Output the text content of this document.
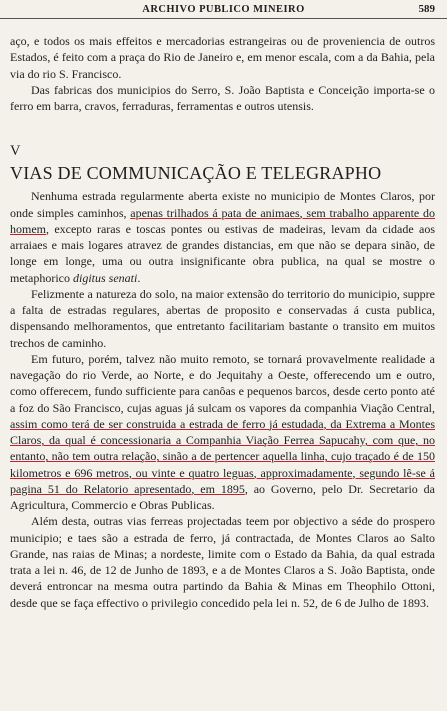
ARCHIVO PUBLICO MINEIRO	589

aço, e todos os mais effeitos e mercadorias estrangeiras ou de proveniencia de outros Estados, é feito com a praça do Rio de Janeiro e, em menor escala, com a da Bahia, pela via do rio S. Francisco.

Das fabricas dos municipios do Serro, S. João Baptista e Conceição importa-se o ferro em barra, cravos, ferraduras, ferramentas e outros utensis.

V

VIAS DE COMMUNICAÇÃO E TELEGRAPHO

Nenhuma estrada regularmente aberta existe no municipio de Montes Claros, por onde simples caminhos, apenas trilhados á pata de animaes, sem trabalho apparente do homem, excepto raras e toscas pontes ou estivas de madeiras, levam da cidade aos arraiaes e mais logares atravez de grandes distancias, em que não se depara sinão, de longe em longe, uma ou outra insignificante obra publica, na qual se mostre o metaphorico digitus senati.

Felizmente a natureza do solo, na maior extensão do territorio do municipio, suppre a falta de estradas regulares, abertas de proposito e conservadas á custa publica, dispensando melhoramentos, que entretanto facilitariam bastante o transito em muitos trechos de caminho.

Em futuro, porém, talvez não muito remoto, se tornará provavelmente realidade a navegação do rio Verde, ao Norte, e do Jequitahy a Oeste, offerecendo um e outro, como offerecem, fundo sufficiente para canôas e pequenos barcos, desde certo ponto até a foz do São Francisco, cujas aguas já sulcam os vapores da companhia Viação Central, assim como terá de ser construida a estrada de ferro já estudada, da Extrema a Montes Claros, da qual é concessionaria a Companhia Viação Ferrea Sapucahy, com que, no entanto, não tem outra relação, sinão a de pertencer aquella linha, cujo traçado é de 150 kilometros e 696 metros, ou vinte e quatro leguas, approximadamente, segundo lê-se á pagina 51 do Relatorio apresentado, em 1895, ao Governo, pelo Dr. Secretario da Agricultura, Commercio e Obras Publicas.

Além desta, outras vias ferreas projectadas teem por objectivo a séde do prospero municipio; e taes são a estrada de ferro, já contractada, de Montes Claros ao Salto Grande, nas raias de Minas; a nordeste, limite com o Estado da Bahia, da qual estrada trata a lei n. 46, de 12 de Junho de 1893, e a de Montes Claros a S. João Baptista, onde deverá entroncar na mesma outra partindo da Bahia & Minas em Theophilo Ottoni, desde que se faça effectivo o privilegio concedido pela lei n. 52, de 6 de Julho de 1893.
